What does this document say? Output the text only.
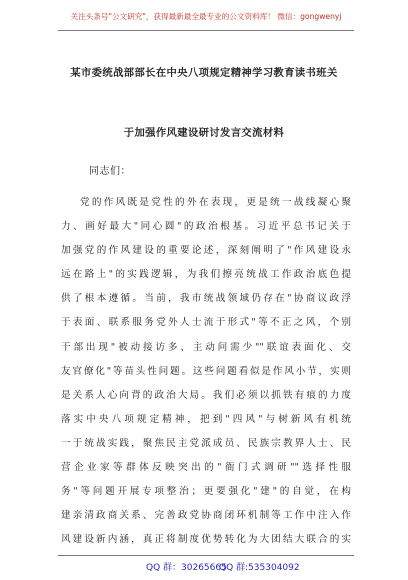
关注头条号"公文研究"，获得最新最全最专业的公文资料库！ 微信：gongwenyj
某市委统战部部长在中央八项规定精神学习教育读书班关
于加强作风建设研讨发言交流材料
同志们：
党的作风既是党性的外在表现，更是统一战线凝心聚
力、画好最大"同心圆"的政治根基。习近平总书记关于
加强党的作风建设的重要论述，深刻阐明了"作风建设永
远在路上"的实践逻辑，为我们擦亮统战工作政治底色提
供了根本遵循。当前，我市统战领域仍存在"协商议政浮
于表面、联系服务党外人士流于形式"等不正之风，个别
干部出现"被动接访多、主动问需少""联谊表面化、交
友官僚化"等苗头性问题。这些问题看似是作风小节，实则
是关系人心向背的政治大局。我们必须以抓铁有痕的力度
落实中央八项规定精神，把到"四风"与树新风有机统
一于统战实践，聚焦民主党派成员、民族宗教界人士、民
营企业家等群体反映突出的"衙门式调研""选择性服
务"等问题开展专项整治；更要强化"建"的自觉，在构
建亲清政商关系、完善政党协商闭环机制等工作中注入作
风建设新内涵，真正将制度优势转化为大团结大联合的实
QQ 群：30265665
QQ 群:535304092
